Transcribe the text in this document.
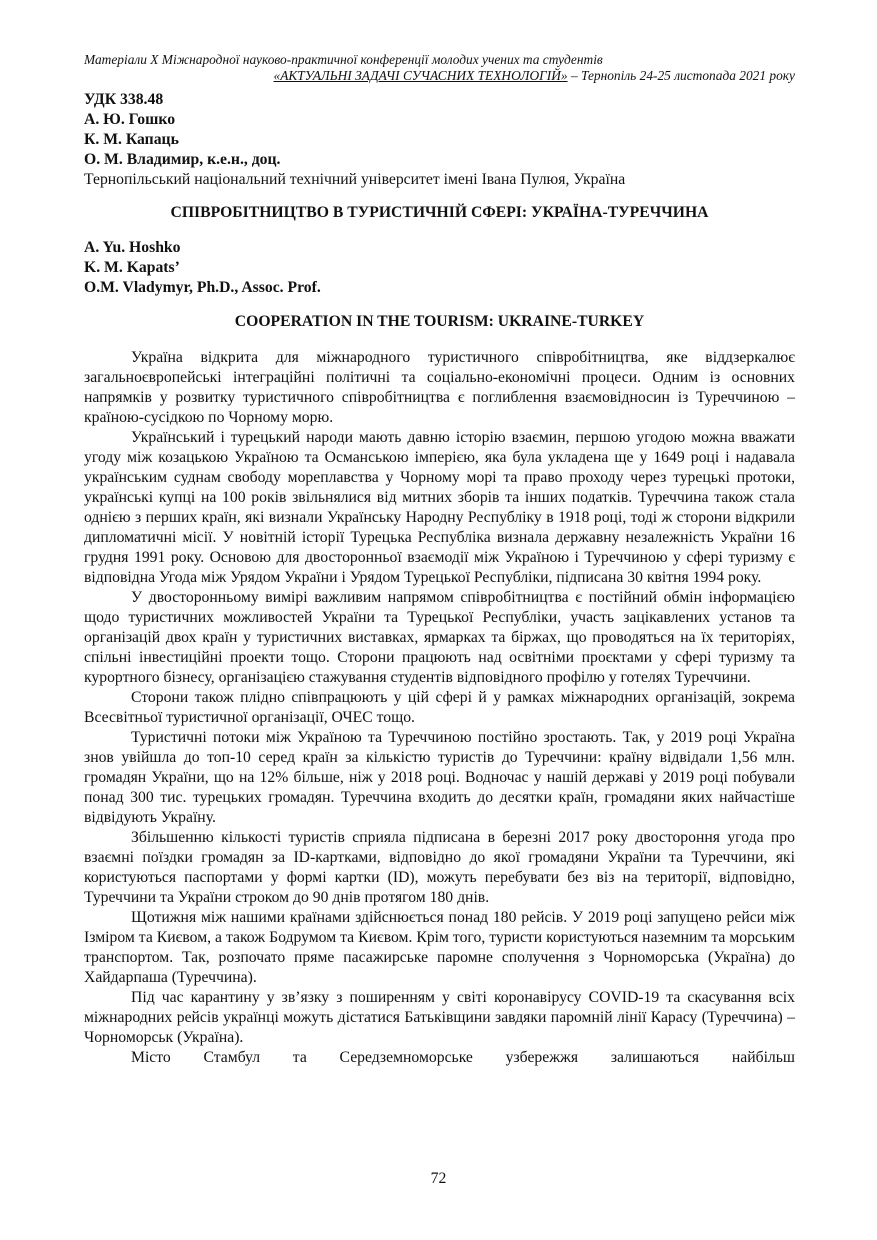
Матеріали Х Міжнародної науково-практичної конференції молодих учених та студентів
«АКТУАЛЬНІ ЗАДАЧІ СУЧАСНИХ ТЕХНОЛОГІЙ» – Тернопіль 24-25 листопада 2021 року
УДК 338.48
А. Ю. Гошко
К. М. Капаць
О. М. Владимир, к.е.н., доц.
Тернопільський національний технічний університет імені Івана Пулюя, Україна
СПІВРОБІТНИЦТВО В ТУРИСТИЧНІЙ СФЕРІ: УКРАЇНА-ТУРЕЧЧИНА
A. Yu. Hoshko
K. M. Kapats’
O.M. Vladymyr, Ph.D., Assoc. Prof.
COOPERATION IN THE TOURISM: UKRAINE-TURKEY

Україна відкрита для міжнародного туристичного співробітництва, яке віддзеркалює загальноєвропейські інтеграційні політичні та соціально-економічні процеси. Одним із основних напрямків у розвитку туристичного співробітництва є поглиблення взаємовідносин із Туреччиною – країною-сусідкою по Чорному морю.

Український і турецький народи мають давню історію взаємин, першою угодою можна вважати угоду між козацькою Україною та Османською імперією, яка була укладена ще у 1649 році і надавала українським суднам свободу мореплавства у Чорному морі та право проходу через турецькі протоки, українські купці на 100 років звільнялися від митних зборів та інших податків. Туреччина також стала однією з перших країн, які визнали Українську Народну Республіку в 1918 році, тоді ж сторони відкрили дипломатичні місії. У новітній історії Турецька Республіка визнала державну незалежність України 16 грудня 1991 року. Основою для двосторонньої взаємодії між Україною і Туреччиною у сфері туризму є відповідна Угода між Урядом України і Урядом Турецької Республіки, підписана 30 квітня 1994 року.

У двосторонньому вимірі важливим напрямом співробітництва є постійний обмін інформацією щодо туристичних можливостей України та Турецької Республіки, участь зацікавлених установ та організацій двох країн у туристичних виставках, ярмарках та біржах, що проводяться на їх територіях, спільні інвестиційні проекти тощо. Сторони працюють над освітніми проєктами у сфері туризму та курортного бізнесу, організацією стажування студентів відповідного профілю у готелях Туреччини.

Сторони також плідно співпрацюють у цій сфері й у рамках міжнародних організацій, зокрема Всесвітньої туристичної організації, ОЧЕС тощо.

Туристичні потоки між Україною та Туреччиною постійно зростають. Так, у 2019 році Україна знов увійшла до топ-10 серед країн за кількістю туристів до Туреччини: країну відвідали 1,56 млн. громадян України, що на 12% більше, ніж у 2018 році. Водночас у нашій державі у 2019 році побували понад 300 тис. турецьких громадян. Туреччина входить до десятки країн, громадяни яких найчастіше відвідують Україну.

Збільшенню кількості туристів сприяла підписана в березні 2017 року двостороння угода про взаємні поїздки громадян за ID-картками, відповідно до якої громадяни України та Туреччини, які користуються паспортами у формі картки (ID), можуть перебувати без віз на території, відповідно, Туреччини та України строком до 90 днів протягом 180 днів.

Щотижня між нашими країнами здійснюється понад 180 рейсів. У 2019 році запущено рейси між Ізміром та Києвом, а також Бодрумом та Києвом. Крім того, туристи користуються наземним та морським транспортом. Так, розпочато пряме пасажирське паромне сполучення з Чорноморська (Україна) до Хайдарпаша (Туреччина).

Під час карантину у зв’язку з поширенням у світі коронавірусу COVID-19 та скасування всіх міжнародних рейсів українці можуть дістатися Батьківщини завдяки паромній лінії Карасу (Туреччина) – Чорноморськ (Україна).

Місто Стамбул та Середземноморське узбережжя залишаються найбільш

72
